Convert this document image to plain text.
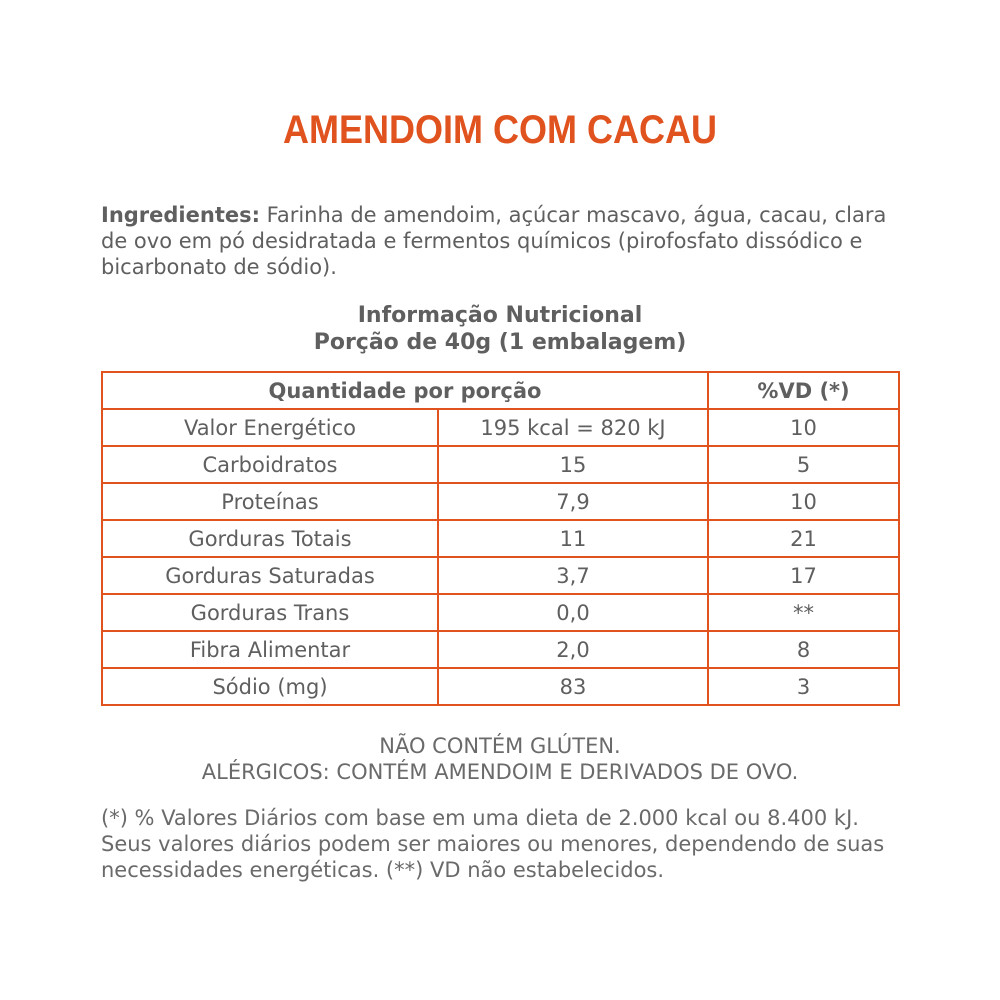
AMENDOIM COM CACAU

Ingredientes: Farinha de amendoim, açúcar mascavo, água, cacau, clara de ovo em pó desidratada e fermentos químicos (pirofosfato dissódico e bicarbonato de sódio).

Informação Nutricional
Porção de 40g (1 embalagem)
Quantidade por porção		%VD (*)
Valor Energético	195 kcal = 820 kJ	10
Carboidratos	15	5
Proteínas	7,9	10
Gorduras Totais	11	21
Gorduras Saturadas	3,7	17
Gorduras Trans	0,0	**
Fibra Alimentar	2,0	8
Sódio (mg)	83	3
NÃO CONTÉM GLÚTEN.
ALÉRGICOS: CONTÉM AMENDOIM E DERIVADOS DE OVO.

(*) % Valores Diários com base em uma dieta de 2.000 kcal ou 8.400 kJ. Seus valores diários podem ser maiores ou menores, dependendo de suas necessidades energéticas. (**) VD não estabelecidos.
